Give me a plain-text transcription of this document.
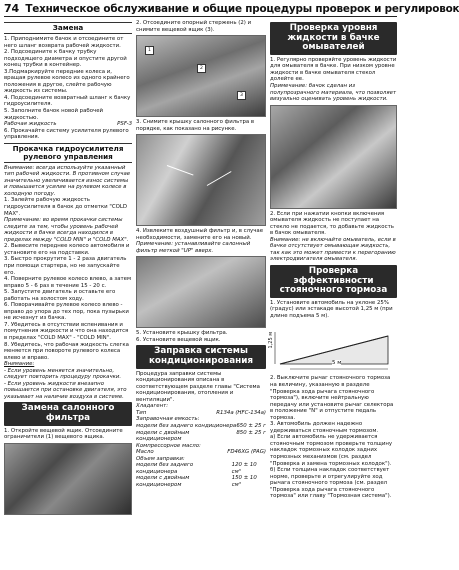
74 Техническое обслуживание и общие процедуры проверок и регулировок
Замена

1. Приподнимите бачок и отсоедините от него шланг возврата рабочей жидкости.

2. Подсоедините к бачку трубку подходящего диаметра и опустите другой конец трубки в контейнер.

3.Подмаркируйте передние колеса и, вращая рулевое колесо из одного крайнего положения в другое, слейте рабочую жидкость из системы.

4. Подсоедините возвратный шланг к бачку гидроусилителя.

5. Заполните бачок новой рабочей жидкостью.

Рабочая жидкость	PSF-3

6. Прокачайте систему усилителя рулевого управления.

Прокачка гидроусилителя рулевого управления

Внимание: всегда используйте указанный тип рабочей жидкости. В противном случае значительно увеличивается износ системы и повышается усилие на рулевом колесе в холодную погоду.

1. Залейте рабочую жидкость гидроусилителя в бачок до отметки "COLD MAX".

Примечание: во время прокачки системы следите за тем, чтобы уровень рабочей жидкости в бачке всегда находился в пределах между "COLD MIN" и "COLD MAX".

2. Вывесите переднее колесо автомобиля и установите его на подставки.

3. Быстро прокрутите 1 - 2 раза двигатель при помощи стартера, но не запускайте его.

4. Поверните рулевое колесо влево, а затем вправо 5 - 6 раз в течение 15 - 20 с.

5. Запустите двигатель и оставьте его работать на холостом ходу.

6. Поворачивайте рулевое колесо влево - вправо до упора до тех пор, пока пузырьки не исчезнут из бачка.

7. Убедитесь в отсутствии вспенивания и помутнения жидкости и что она находится в пределах "COLD MAX" - "COLD MIN".

8. Убедитесь, что рабочая жидкость слегка меняется при повороте рулевого колеса влево и вправо.

Внимание:

- Если уровень меняется значительно, следует повторить процедуру прокачки.

- Если уровень жидкости внезапно повышается при остановке двигателя, это указывает на наличие воздуха в системе.

Замена салонного фильтра

1. Откройте вещевой ящик. Отсоедините ограничители (1) вещевого ящика.

2. Отсоедините опорный стержень (2) и снимите вещевой ящик (3).

1
2
3

3. Снимите крышку салонного фильтра в порядке, как показано на рисунке.

4. Извлеките воздушный фильтр и, в случае необходимости, замените его на новый.

Примечание: устанавливайте салонный фильтр меткой "UP" вверх.

5. Установите крышку фильтра.

6. Установите вещевой ящик.

Заправка системы кондиционирования

Процедура заправки системы кондиционирования описана в соответствующем разделе главы "Система кондиционирования, отопления и вентиляции".

Хладагент:

Тип	R134a (HFC-134a)

Заправочная емкость:

модели без заднего кондиционера 650 ± 25 г

модели с двойным кондиционером
850 ± 25 г

Компрессорное масло:

Масло	FD46XG (PAG)

Объем заправки:

модели без заднего кондиционера
120 ± 10 см³

модели с двойным кондиционером
150 ± 10 см³

Проверка уровня жидкости в бачке омывателей

1. Регулярно проверяйте уровень жидкости для омывателя в бачке. При низком уровне жидкости в бачке омывателя стекол долейте ее.

Примечание: бачок сделан из полупрозрачного материала, что позволяет визуально оценивать уровень жидкости.

2. Если при нажатии кнопки включения омывателя жидкость не поступает на стекло не подается, то добавьте жидкость в бачок омывателя.

Внимание: не включайте омыватель, если в бачке отсутствует омывающая жидкость, так как это может привести к перегоранию электродвигателя омывателя.

Проверка эффективности стояночного тормоза

1. Установите автомобиль на уклоне 25% (градус) или эстакаде высотой 1,25 м (при длине подъема 5 м).

1,25 м
5 м

2. Выключите рычаг стояночного тормоза на величину, указанную в разделе "Проверка хода рычага стояночного тормоза"), включите нейтральную передачу или установите рычаг селектора в положение "N" и отпустите педаль тормоза.

3. Автомобиль должен надежно удерживаться стояночным тормозом.

а) Если автомобиль не удерживается стояночным тормозом проверьте толщину накладок тормозных колодок задних тормозных механизмов (см. раздел "Проверка и замена тормозных колодок").

б) Если толщина накладок соответствует норме, проверьте и отрегулируйте ход рычага стояночного тормоза (см. раздел "Проверка хода рычага стояночного тормоза" или главу "Тормозная система").
